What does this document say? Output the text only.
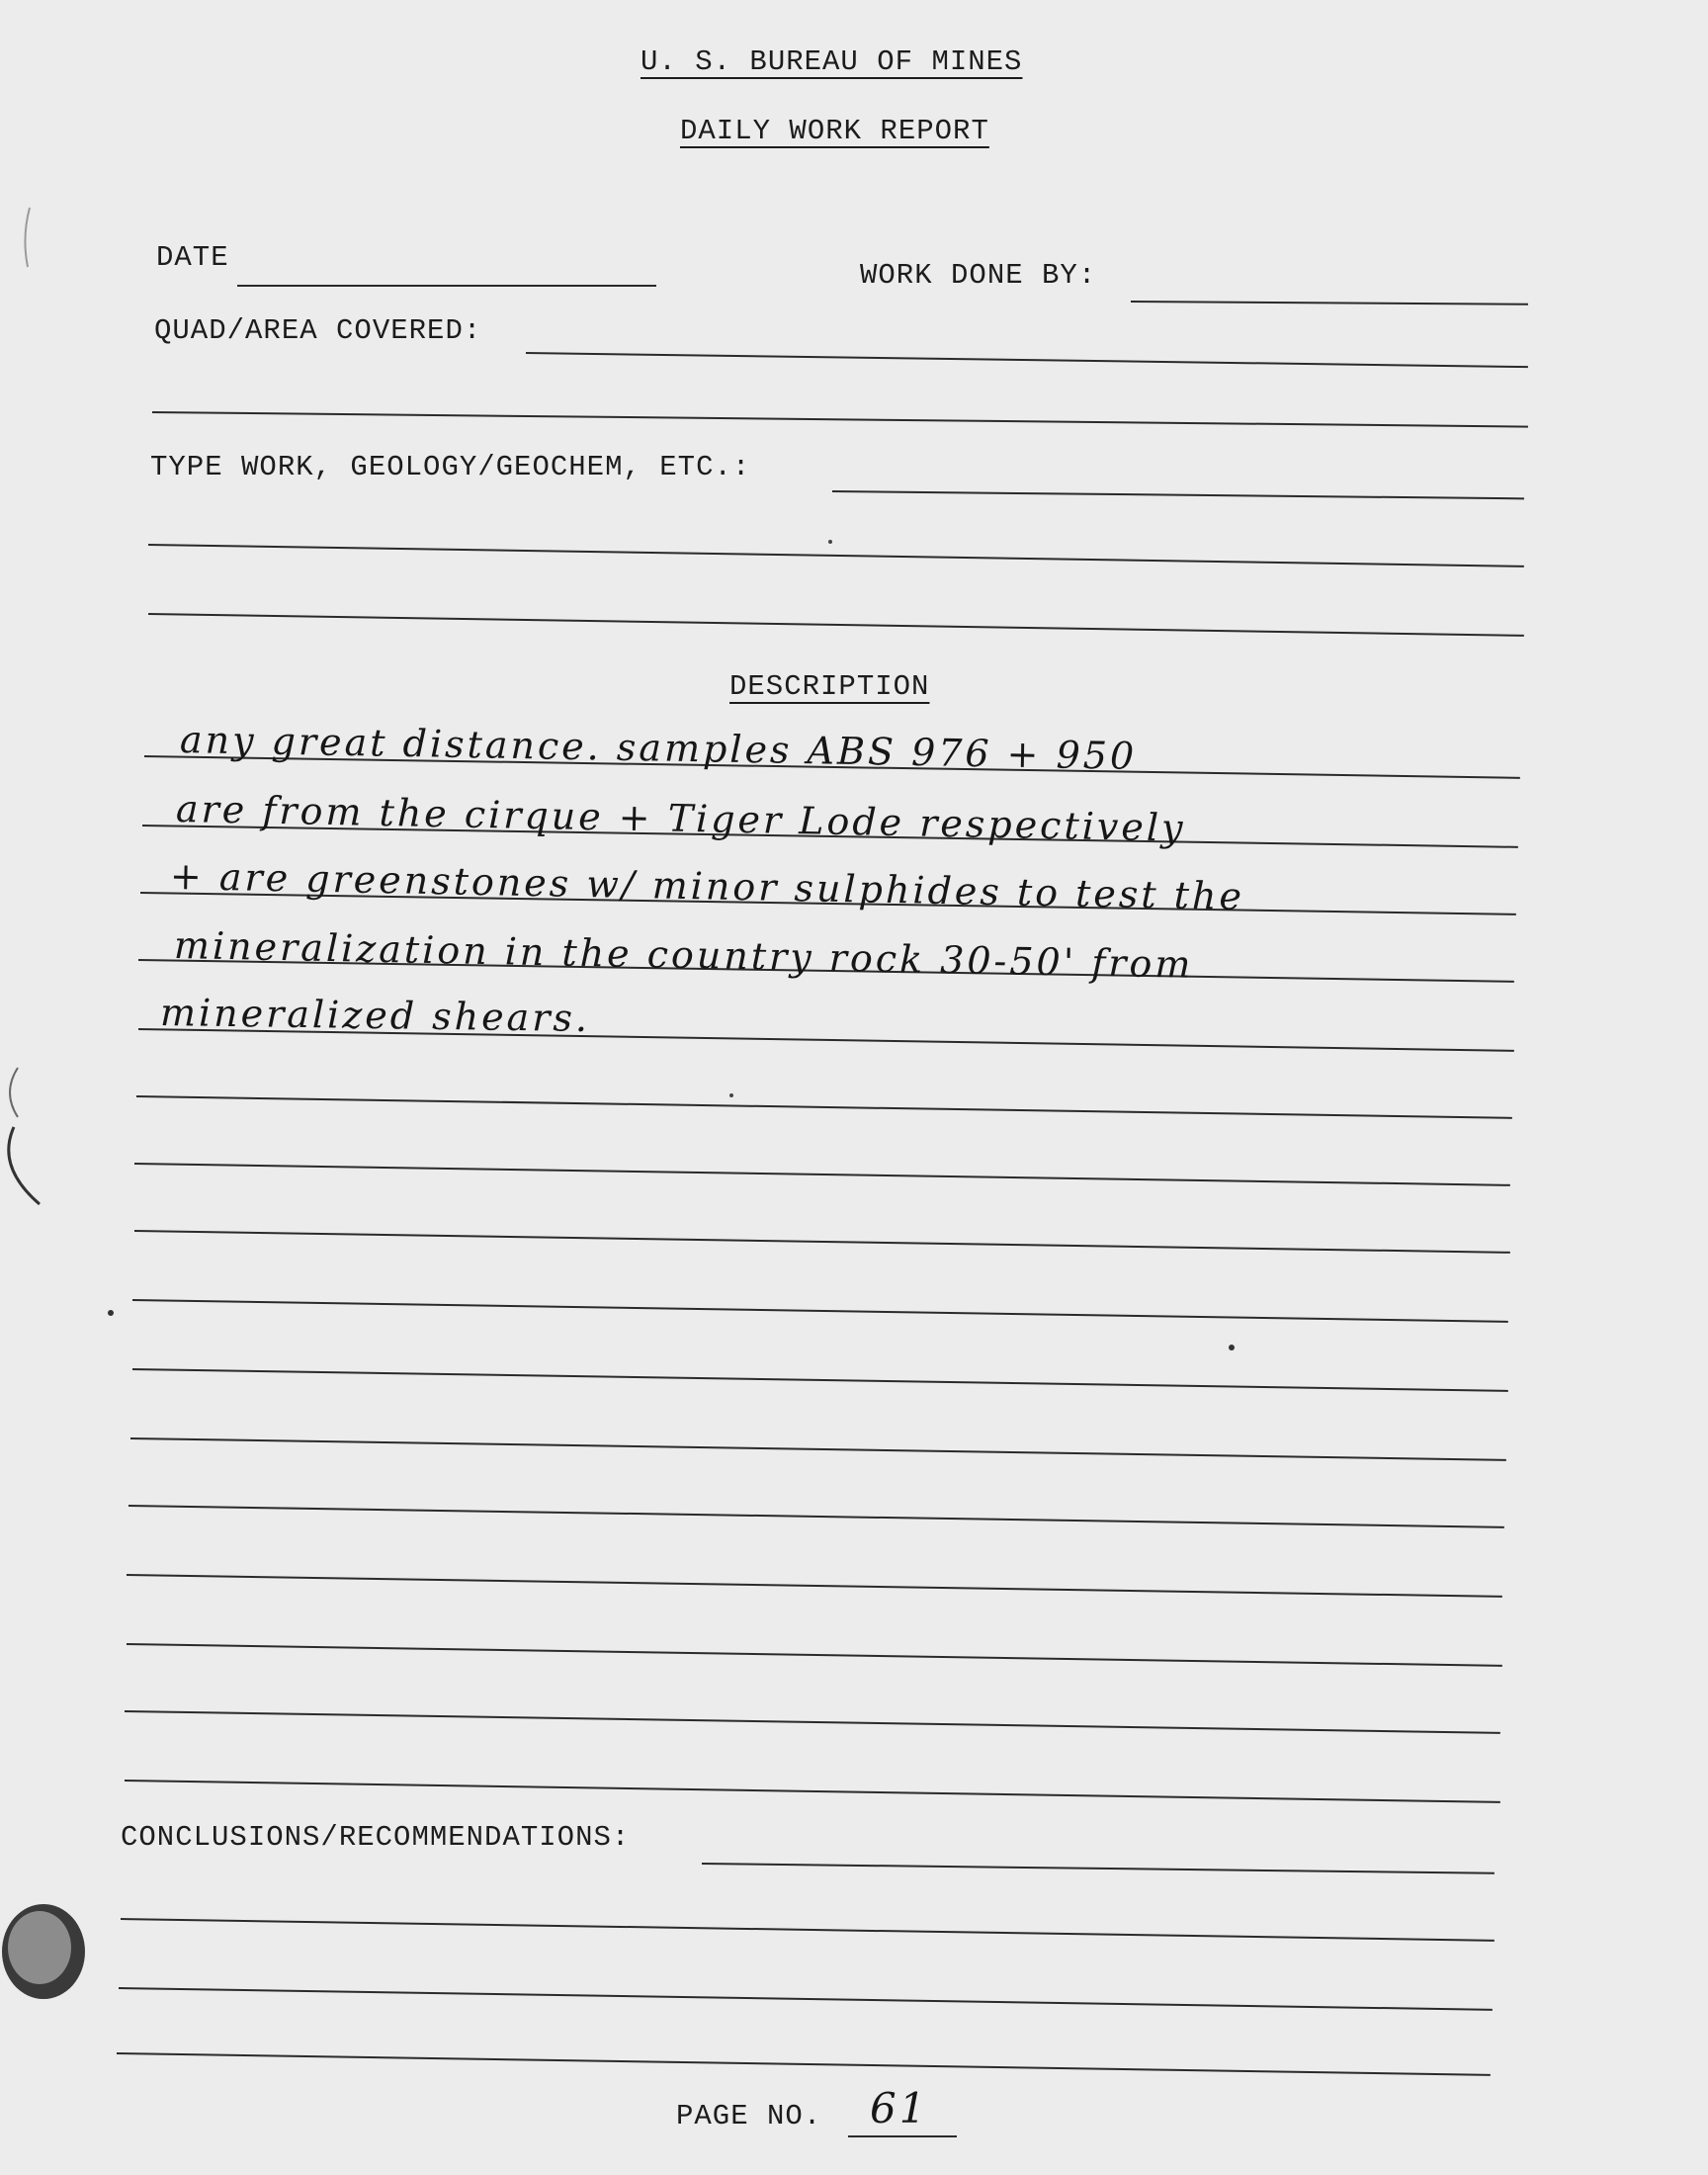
U. S. BUREAU OF MINES
DAILY WORK REPORT
DATE
WORK DONE BY:
QUAD/AREA COVERED:
TYPE WORK, GEOLOGY/GEOCHEM, ETC.:
DESCRIPTION
any great distance. samples ABS 976 + 950
are from the cirque + Tiger Lode respectively
+ are greenstones w/ minor sulphides to test the
mineralization in the country rock 30-50' from
mineralized shears.
CONCLUSIONS/RECOMMENDATIONS:
PAGE NO. 61
